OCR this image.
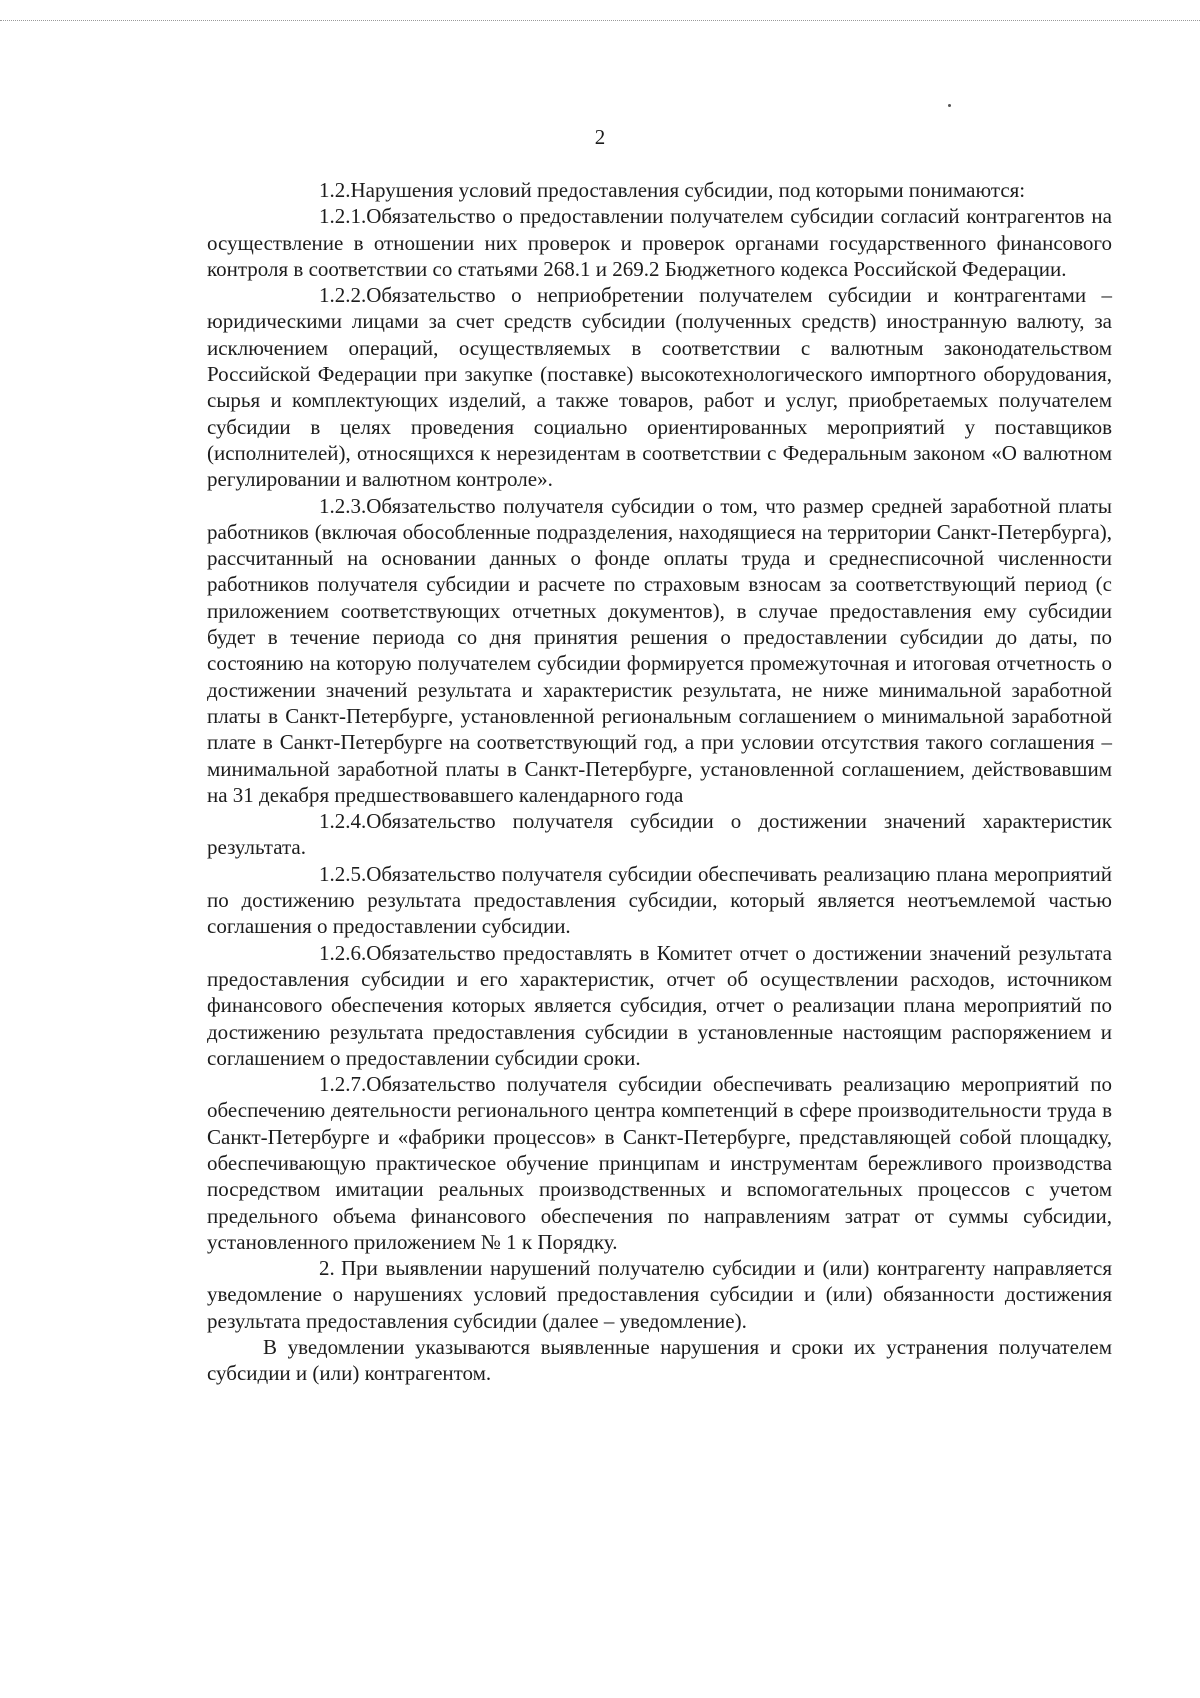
2

1.2.Нарушения условий предоставления субсидии, под которыми понимаются:

1.2.1.Обязательство о предоставлении получателем субсидии согласий контрагентов на осуществление в отношении них проверок и проверок органами государственного финансового контроля в соответствии со статьями 268.1 и 269.2 Бюджетного кодекса Российской Федерации.

1.2.2.Обязательство о неприобретении получателем субсидии и контрагентами – юридическими лицами за счет средств субсидии (полученных средств) иностранную валюту, за исключением операций, осуществляемых в соответствии с валютным законодательством Российской Федерации при закупке (поставке) высокотехнологического импортного оборудования, сырья и комплектующих изделий, а также товаров, работ и услуг, приобретаемых получателем субсидии в целях проведения социально ориентированных мероприятий у поставщиков (исполнителей), относящихся к нерезидентам в соответствии с Федеральным законом «О валютном регулировании и валютном контроле».

1.2.3.Обязательство получателя субсидии о том, что размер средней заработной платы работников (включая обособленные подразделения, находящиеся на территории Санкт-Петербурга), рассчитанный на основании данных о фонде оплаты труда и среднесписочной численности работников получателя субсидии и расчете по страховым взносам за соответствующий период (с приложением соответствующих отчетных документов), в случае предоставления ему субсидии будет в течение периода со дня принятия решения о предоставлении субсидии до даты, по состоянию на которую получателем субсидии формируется промежуточная и итоговая отчетность о достижении значений результата и характеристик результата, не ниже минимальной заработной платы в Санкт-Петербурге, установленной региональным соглашением о минимальной заработной плате в Санкт-Петербурге на соответствующий год, а при условии отсутствия такого соглашения – минимальной заработной платы в Санкт-Петербурге, установленной соглашением, действовавшим на 31 декабря предшествовавшего календарного года

1.2.4.Обязательство получателя субсидии о достижении значений характеристик результата.

1.2.5.Обязательство получателя субсидии обеспечивать реализацию плана мероприятий по достижению результата предоставления субсидии, который является неотъемлемой частью соглашения о предоставлении субсидии.

1.2.6.Обязательство предоставлять в Комитет отчет о достижении значений результата предоставления субсидии и его характеристик, отчет об осуществлении расходов, источником финансового обеспечения которых является субсидия, отчет о реализации плана мероприятий по достижению результата предоставления субсидии в установленные настоящим распоряжением и соглашением о предоставлении субсидии сроки.

1.2.7.Обязательство получателя субсидии обеспечивать реализацию мероприятий по обеспечению деятельности регионального центра компетенций в сфере производительности труда в Санкт-Петербурге и «фабрики процессов» в Санкт-Петербурге, представляющей собой площадку, обеспечивающую практическое обучение принципам и инструментам бережливого производства посредством имитации реальных производственных и вспомогательных процессов с учетом предельного объема финансового обеспечения по направлениям затрат от суммы субсидии, установленного приложением № 1 к Порядку.

2. При выявлении нарушений получателю субсидии и (или) контрагенту направляется уведомление о нарушениях условий предоставления субсидии и (или) обязанности достижения результата предоставления субсидии (далее – уведомление).

В уведомлении указываются выявленные нарушения и сроки их устранения получателем субсидии и (или) контрагентом.
